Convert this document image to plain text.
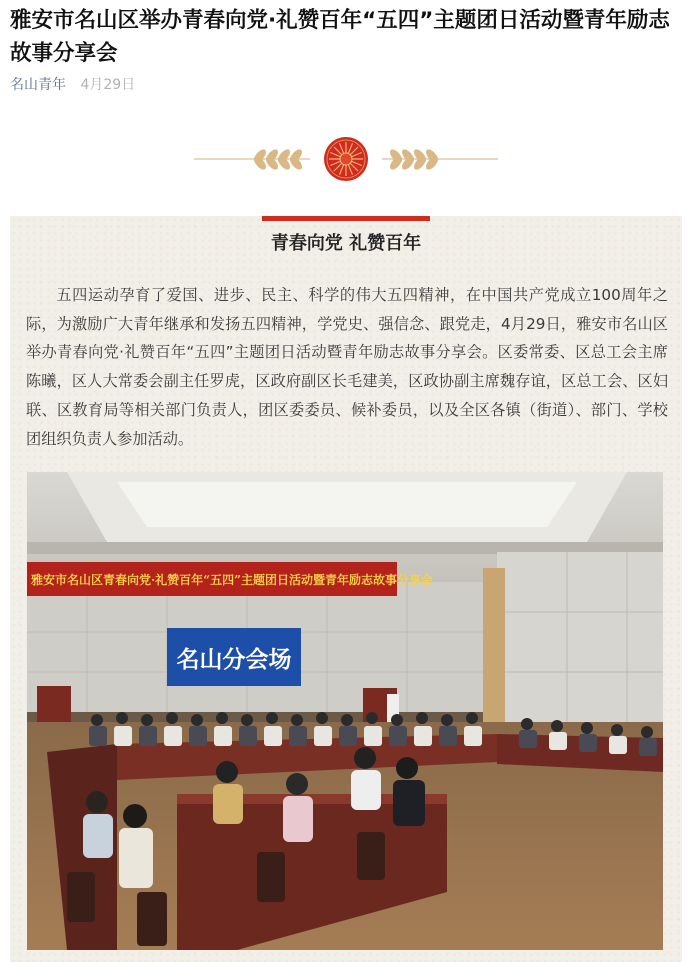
雅安市名山区举办青春向党·礼赞百年“五四”主题团日活动暨青年励志故事分享会
名山青年 4月29日
青春向党 礼赞百年

五四运动孕育了爱国、进步、民主、科学的伟大五四精神，在中国共产党成立100周年之际，为激励广大青年继承和发扬五四精神，学党史、强信念、跟党走，4月29日，雅安市名山区举办青春向党·礼赞百年“五四”主题团日活动暨青年励志故事分享会。区委常委、区总工会主席陈曦，区人大常委会副主任罗虎，区政府副区长毛建美，区政协副主席魏存谊，区总工会、区妇联、区教育局等相关部门负责人，团区委委员、候补委员，以及全区各镇（街道）、部门、学校团组织负责人参加活动。

雅安市名山区青春向党·礼赞百年“五四”主题团日活动暨青年励志故事分享会
名山分会场
